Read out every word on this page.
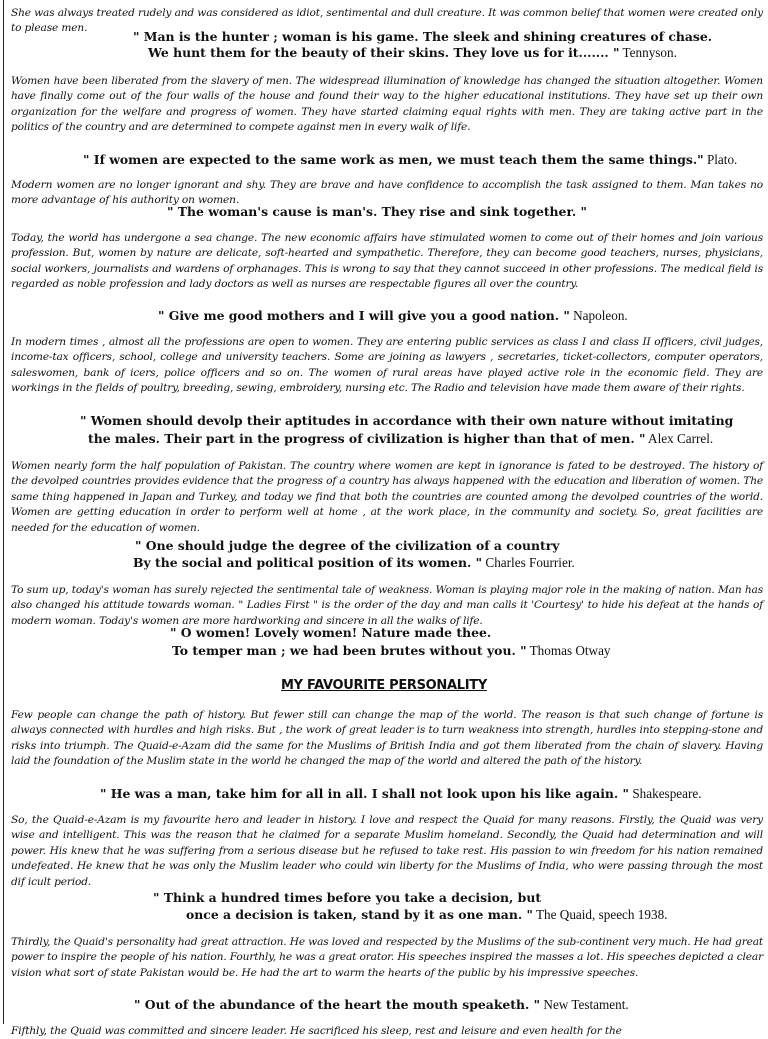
She was always treated rudely and was considered as idiot, sentimental and dull creature. It was common belief that women were created only to please men.

" Man is the hunter ; woman is his game. The sleek and shining creatures of chase.
We hunt them for the beauty of their skins. They love us for it....... " Tennyson.

Women have been liberated from the slavery of men. The widespread illumination of knowledge has changed the situation altogether. Women have finally come out of the four walls of the house and found their way to the higher educational institutions. They have set up their own organization for the welfare and progress of women. They have started claiming equal rights with men. They are taking active part in the politics of the country and are determined to compete against men in every walk of life.

" If women are expected to the same work as men, we must teach them the same things." Plato.

Modern women are no longer ignorant and shy. They are brave and have confidence to accomplish the task assigned to them. Man takes no more advantage of his authority on women.

" The woman's cause is man's. They rise and sink together. "

Today, the world has undergone a sea change. The new economic affairs have stimulated women to come out of their homes and join various profession. But, women by nature are delicate, soft-hearted and sympathetic. Therefore, they can become good teachers, nurses, physicians, social workers, journalists and wardens of orphanages. This is wrong to say that they cannot succeed in other professions. The medical field is regarded as noble profession and lady doctors as well as nurses are respectable figures all over the country.

" Give me good mothers and I will give you a good nation. " Napoleon.

In modern times , almost all the professions are open to women. They are entering public services as class I and class II officers, civil judges, income-tax officers, school, college and university teachers. Some are joining as lawyers , secretaries, ticket-collectors, computer operators, saleswomen, bank of icers, police officers and so on. The women of rural areas have played active role in the economic field. They are workings in the fields of poultry, breeding, sewing, embroidery, nursing etc. The Radio and television have made them aware of their rights.

" Women should devolp their aptitudes in accordance with their own nature without imitating
the males. Their part in the progress of civilization is higher than that of men. " Alex Carrel.

Women nearly form the half population of Pakistan. The country where women are kept in ignorance is fated to be destroyed. The history of the devolped countries provides evidence that the progress of a country has always happened with the education and liberation of women. The same thing happened in Japan and Turkey, and today we find that both the countries are counted among the devolped countries of the world. Women are getting education in order to perform well at home , at the work place, in the community and society. So, great facilities are needed for the education of women.

" One should judge the degree of the civilization of a country
By the social and political position of its women. " Charles Fourrier.

To sum up, today's woman has surely rejected the sentimental tale of weakness. Woman is playing major role in the making of nation. Man has also changed his attitude towards woman. " Ladies First " is the order of the day and man calls it 'Courtesy' to hide his defeat at the hands of modern woman. Today's women are more hardworking and sincere in all the walks of life.

" O women! Lovely women! Nature made thee.
To temper man ; we had been brutes without you. " Thomas Otway
MY FAVOURITE PERSONALITY

Few people can change the path of history. But fewer still can change the map of the world. The reason is that such change of fortune is always connected with hurdles and high risks. But , the work of great leader is to turn weakness into strength, hurdles into stepping-stone and risks into triumph. The Quaid-e-Azam did the same for the Muslims of British India and got them liberated from the chain of slavery. Having laid the foundation of the Muslim state in the world he changed the map of the world and altered the path of the history.

" He was a man, take him for all in all. I shall not look upon his like again. " Shakespeare.

So, the Quaid-e-Azam is my favourite hero and leader in history. I love and respect the Quaid for many reasons. Firstly, the Quaid was very wise and intelligent. This was the reason that he claimed for a separate Muslim homeland. Secondly, the Quaid had determination and will power. His knew that he was suffering from a serious disease but he refused to take rest. His passion to win freedom for his nation remained undefeated. He knew that he was only the Muslim leader who could win liberty for the Muslims of India, who were passing through the most dif icult period.

" Think a hundred times before you take a decision, but
once a decision is taken, stand by it as one man. " The Quaid, speech 1938.

Thirdly, the Quaid's personality had great attraction. He was loved and respected by the Muslims of the sub-continent very much. He had great power to inspire the people of his nation. Fourthly, he was a great orator. His speeches inspired the masses a lot. His speeches depicted a clear vision what sort of state Pakistan would be. He had the art to warm the hearts of the public by his impressive speeches.

" Out of the abundance of the heart the mouth speaketh. " New Testament.

Fifthly, the Quaid was committed and sincere leader. He sacrificed his sleep, rest and leisure and even health for the
